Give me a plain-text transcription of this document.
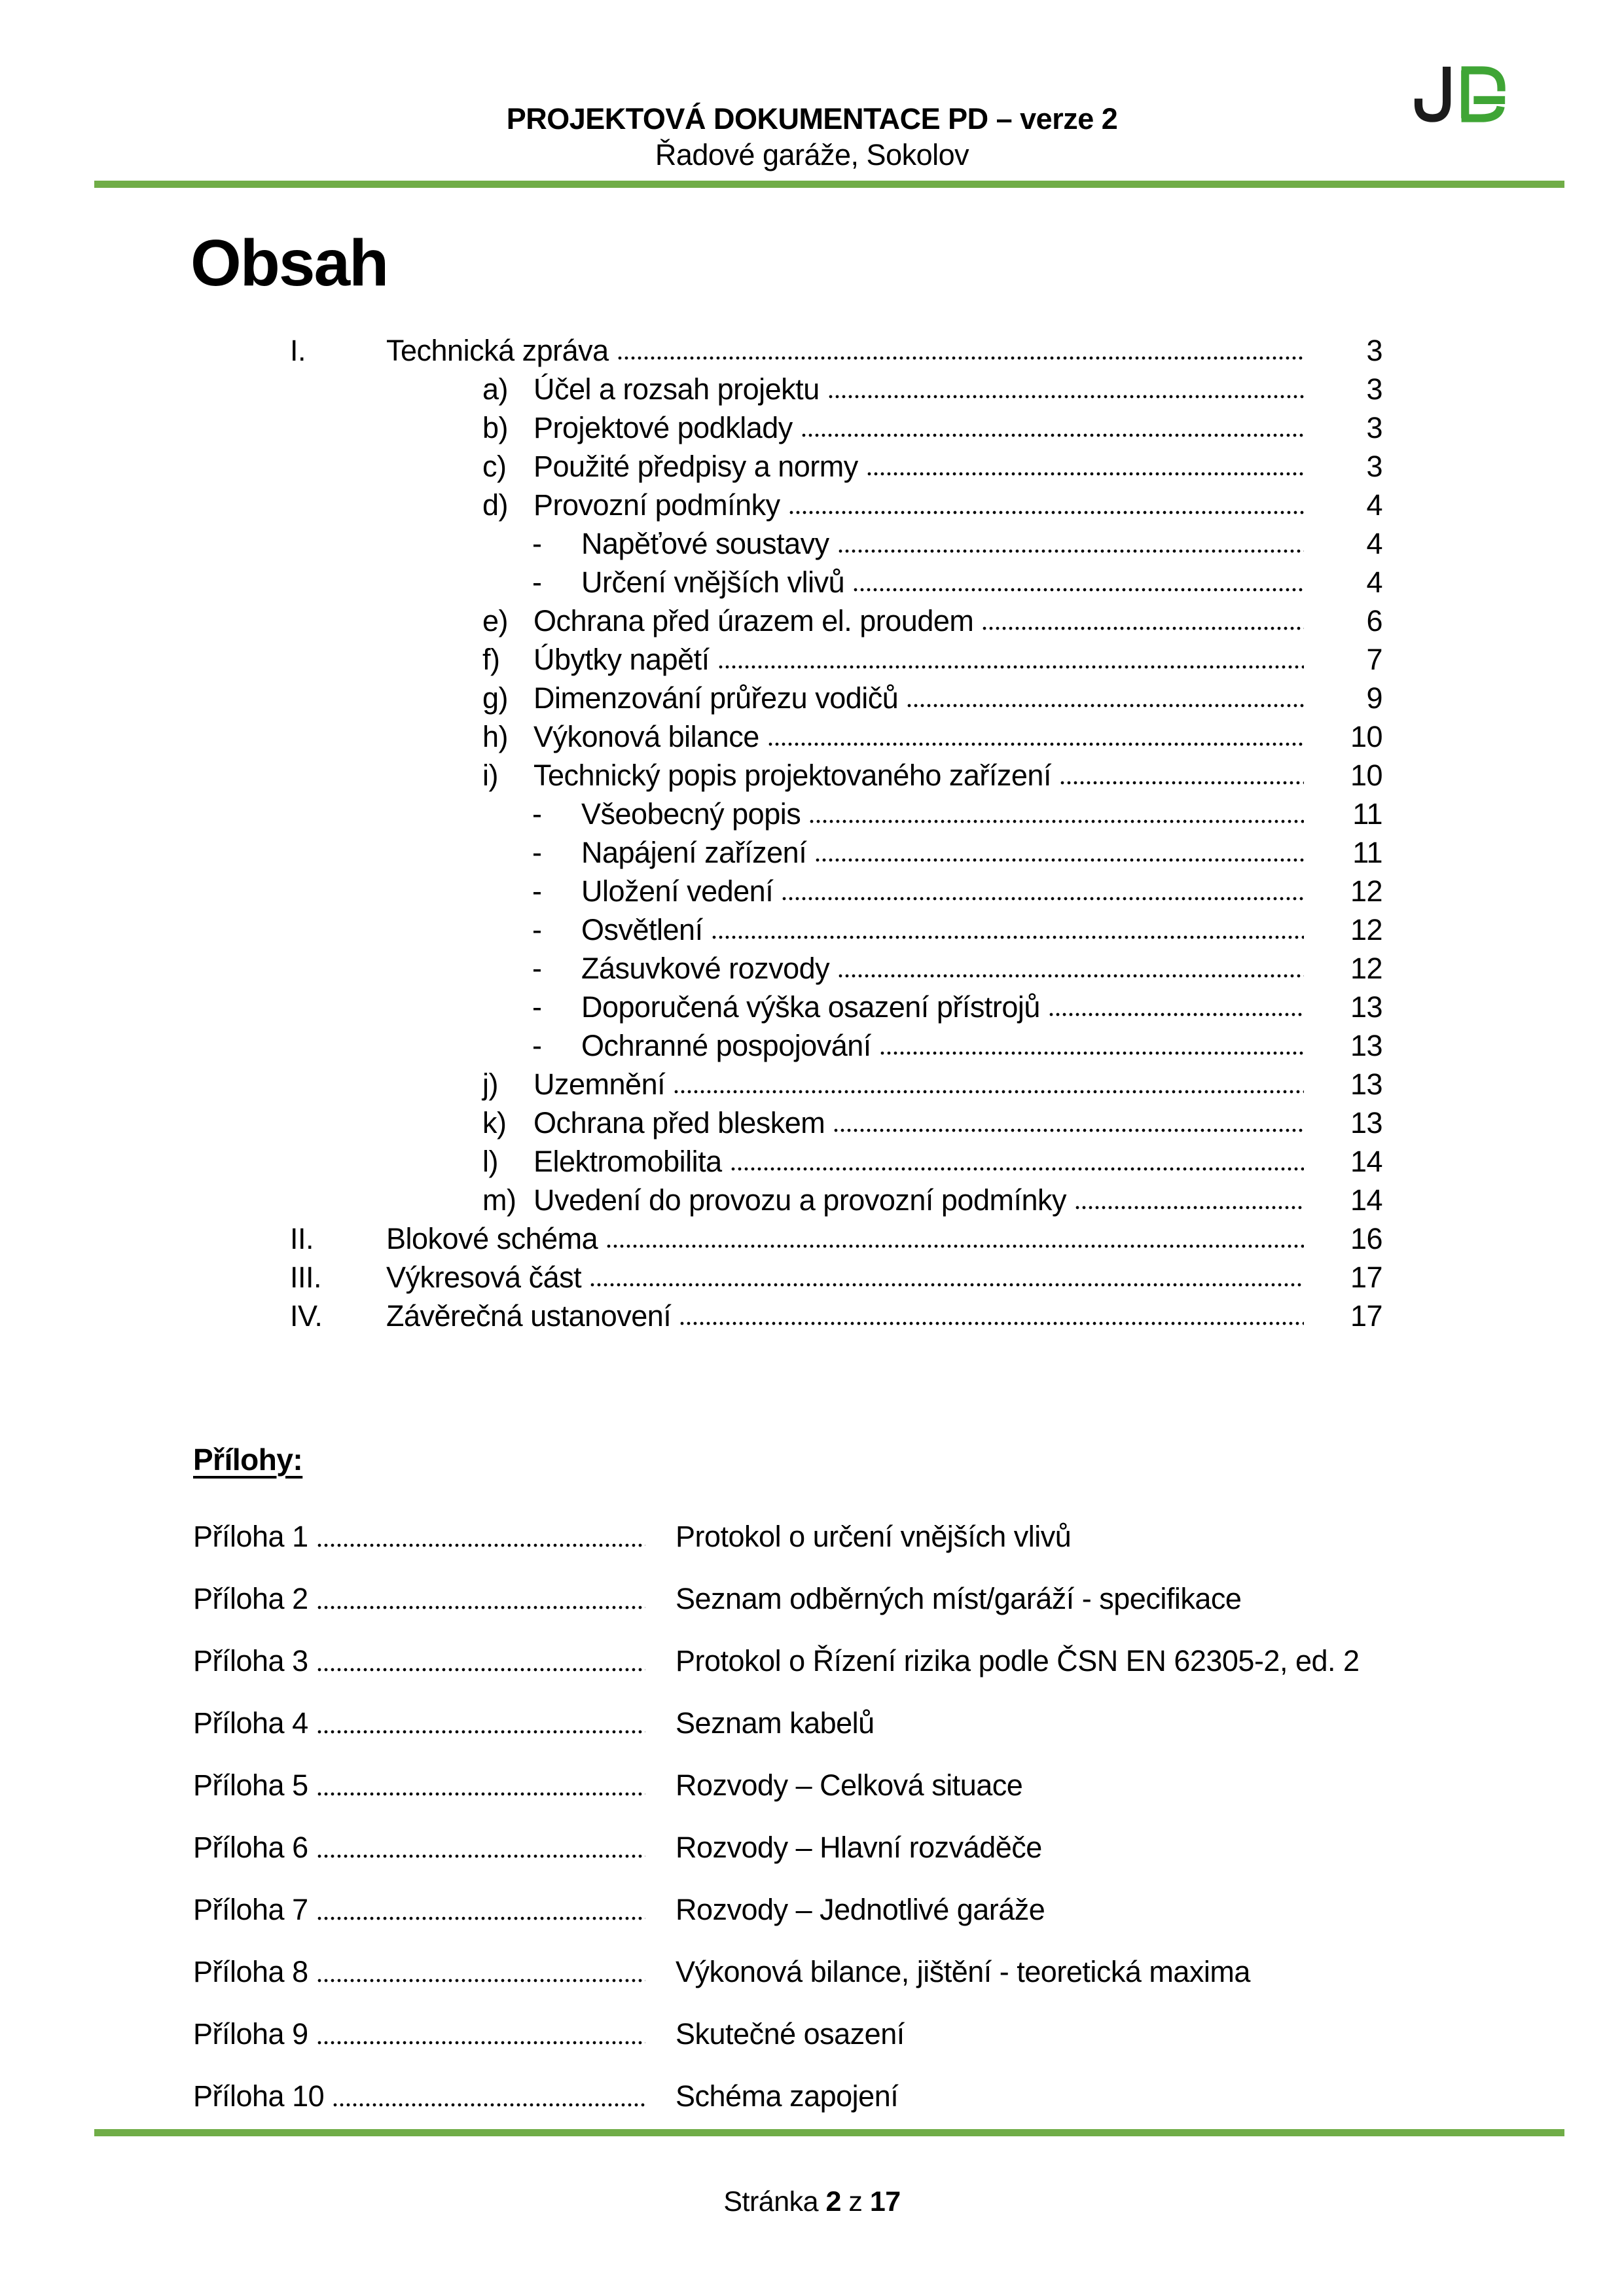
PROJEKTOVÁ DOKUMENTACE PD – verze 2
Řadové garáže, Sokolov
Obsah
I.	Technická zpráva	3
a) Účel a rozsah projektu	3
b) Projektové podklady	3
c) Použité předpisy a normy	3
d) Provozní podmínky	4
-	Napěťové soustavy	4
-	Určení vnějších vlivů	4
e) Ochrana před úrazem el. proudem	6
f)	Úbytky napětí	7
g) Dimenzování průřezu vodičů	9
h) Výkonová bilance	10
i)	Technický popis projektovaného zařízení	10
-	Všeobecný popis	11
-	Napájení zařízení	11
-	Uložení vedení	12
-	Osvětlení	12
-	Zásuvkové rozvody	12
-	Doporučená výška osazení přístrojů	13
-	Ochranné pospojování	13
j)	Uzemnění	13
k) Ochrana před bleskem	13
l)	Elektromobilita	14
m) Uvedení do provozu a provozní podmínky	14
II.	Blokové schéma	16
III.	Výkresová část	17
IV.	Závěrečná ustanovení	17
Přílohy:
Příloha 1	Protokol o určení vnějších vlivů
Příloha 2	Seznam odběrných míst/garáží - specifikace
Příloha 3	Protokol o Řízení rizika podle ČSN EN 62305-2, ed. 2
Příloha 4	Seznam kabelů
Příloha 5	Rozvody – Celková situace
Příloha 6	Rozvody – Hlavní rozváděče
Příloha 7	Rozvody – Jednotlivé garáže
Příloha 8	Výkonová bilance, jištění - teoretická maxima
Příloha 9	Skutečné osazení
Příloha 10	Schéma zapojení
Stránka 2 z 17
